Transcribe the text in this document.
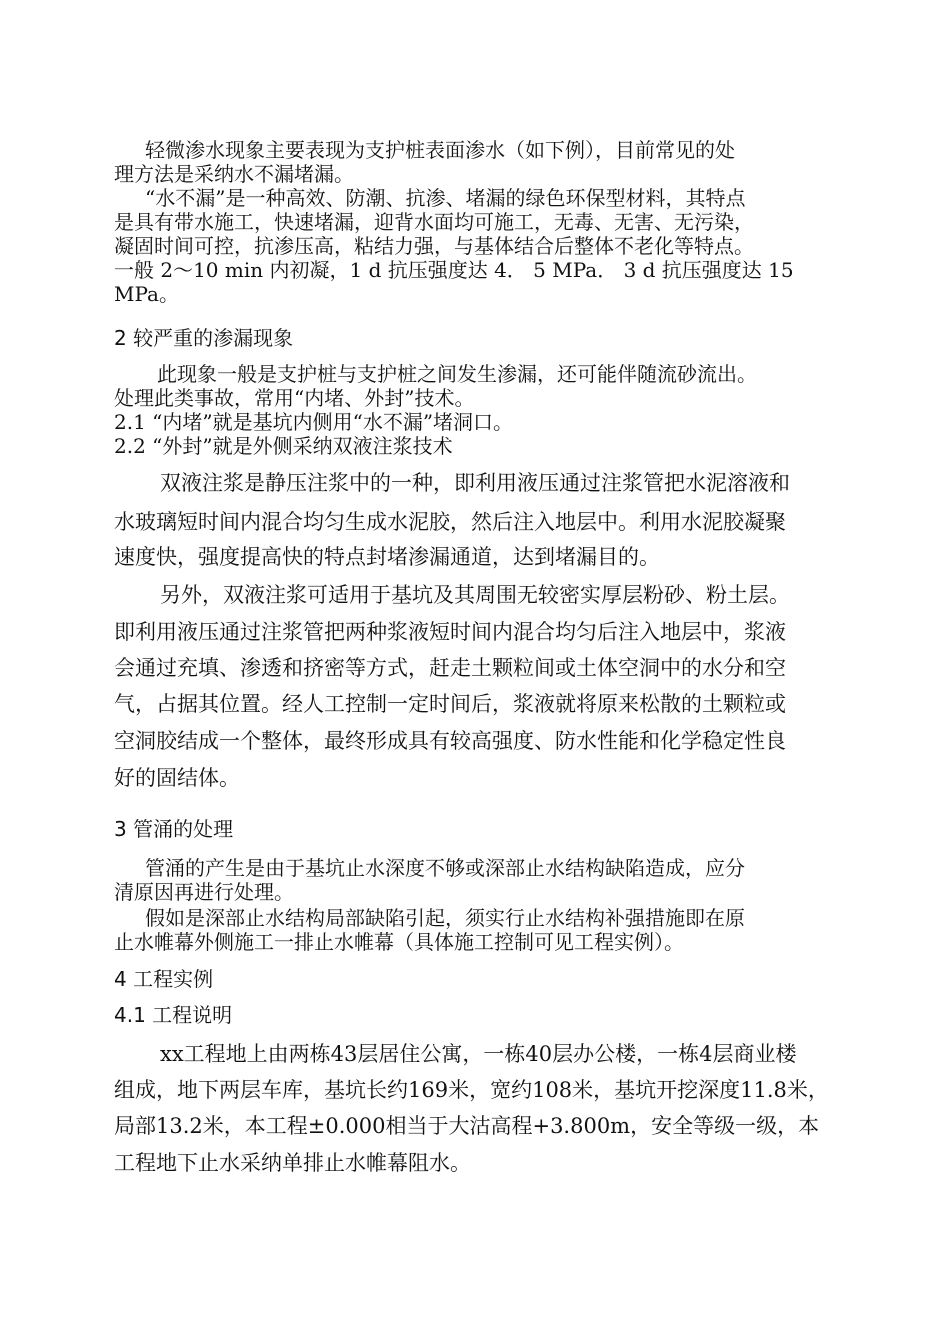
轻微渗水现象主要表现为支护桩表面渗水（如下例），目前常见的处
理方法是采纳水不漏堵漏。
“水不漏”是一种高效、防潮、抗渗、堵漏的绿色环保型材料，其特点
是具有带水施工，快速堵漏，迎背水面均可施工，无毒、无害、无污染，
凝固时间可控，抗渗压高，粘结力强，与基体结合后整体不老化等特点。
一般 2～10 min 内初凝，1 d 抗压强度达 4． 5 MPa． 3 d 抗压强度达 15
MPa。
2 较严重的渗漏现象
此现象一般是支护桩与支护桩之间发生渗漏，还可能伴随流砂流出。
处理此类事故，常用“内堵、外封”技术。
2.1 “内堵”就是基坑内侧用“水不漏”堵洞口。
2.2 “外封”就是外侧采纳双液注浆技术
双液注浆是静压注浆中的一种，即利用液压通过注浆管把水泥溶液和
水玻璃短时间内混合均匀生成水泥胶，然后注入地层中。利用水泥胶凝聚
速度快，强度提高快的特点封堵渗漏通道，达到堵漏目的。
另外，双液注浆可适用于基坑及其周围无较密实厚层粉砂、粉土层。
即利用液压通过注浆管把两种浆液短时间内混合均匀后注入地层中，浆液
会通过充填、渗透和挤密等方式，赶走土颗粒间或土体空洞中的水分和空
气，占据其位置。经人工控制一定时间后，浆液就将原来松散的土颗粒或
空洞胶结成一个整体，最终形成具有较高强度、防水性能和化学稳定性良
好的固结体。
3 管涌的处理
管涌的产生是由于基坑止水深度不够或深部止水结构缺陷造成，应分
清原因再进行处理。
假如是深部止水结构局部缺陷引起，须实行止水结构补强措施即在原
止水帷幕外侧施工一排止水帷幕（具体施工控制可见工程实例）。
4 工程实例
4.1 工程说明
xx工程地上由两栋43层居住公寓，一栋40层办公楼，一栋4层商业楼
组成，地下两层车库，基坑长约169米，宽约108米，基坑开挖深度11.8米，
局部13.2米，本工程±0.000相当于大沽高程+3.800m，安全等级一级，本
工程地下止水采纳单排止水帷幕阻水。
